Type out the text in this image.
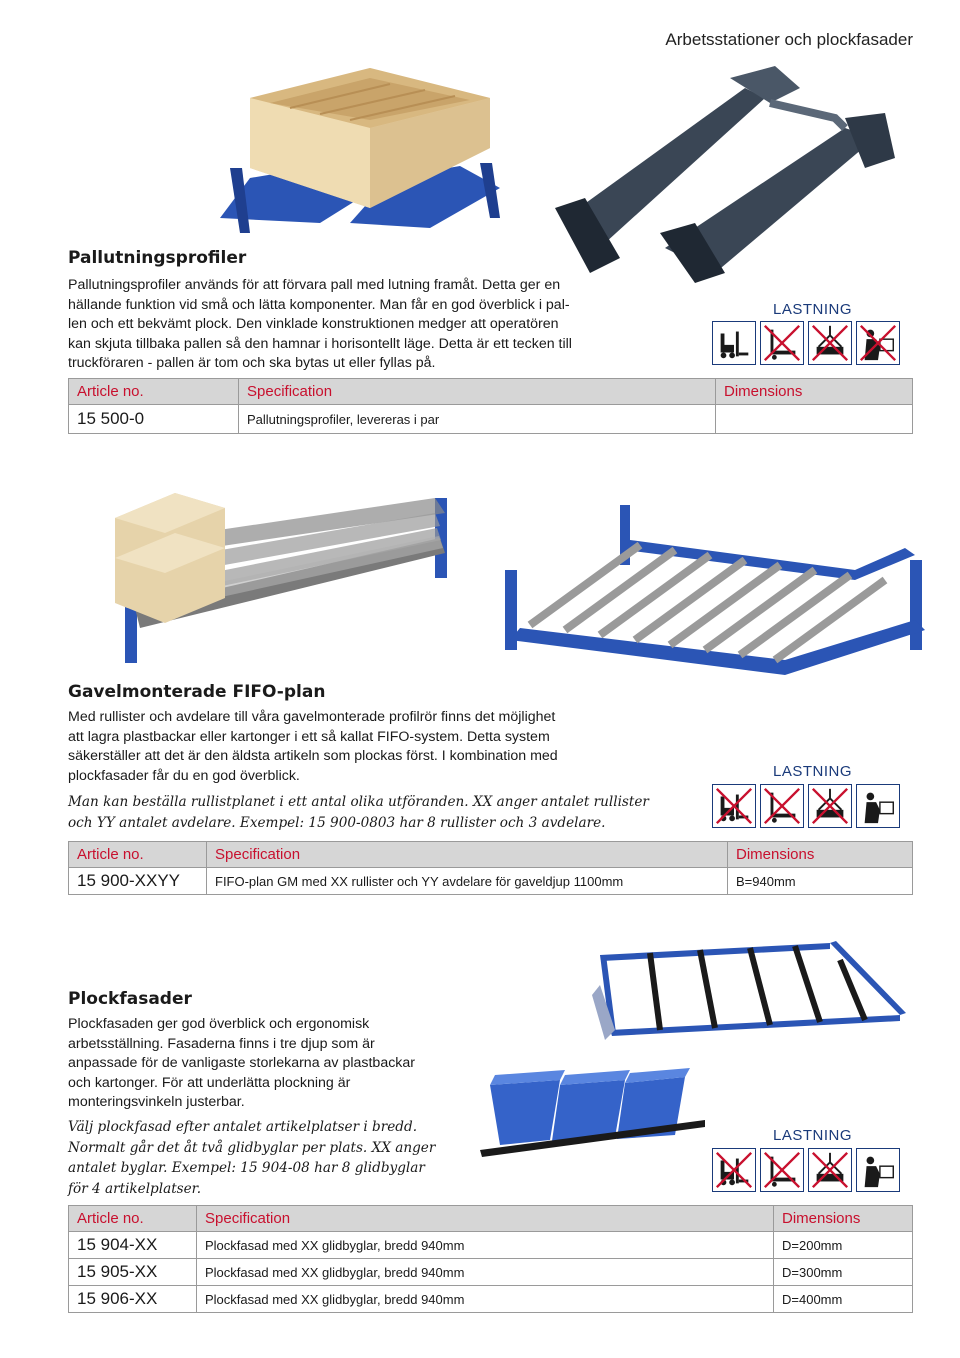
Arbetsstationer och plockfasader
Pallutningsprofiler
Pallutningsprofiler används för att förvara pall med lutning framåt. Detta ger en
hällande funktion vid små och lätta komponenter. Man får en god överblick i pal-
len och ett bekvämt plock. Den vinklade konstruktionen medger att operatören
kan skjuta tillbaka pallen så den hamnar i horisontellt läge. Detta är ett tecken till
truckföraren - pallen är tom och ska bytas ut eller fyllas på.
LASTNING
Article no.	Specification	Dimensions
15 500-0	Pallutningsprofiler, levereras i par	
Gavelmonterade FIFO-plan
Med rullister och avdelare till våra gavelmonterade profilrör finns det möjlighet
att lagra plastbackar eller kartonger i ett så kallat FIFO-system. Detta system
säkerställer att det är den äldsta artikeln som plockas först. I kombination med
plockfasader får du en god överblick.
Man kan beställa rullistplanet i ett antal olika utföranden. XX anger antalet rullister
och YY antalet avdelare. Exempel: 15 900-0803 har 8 rullister och 3 avdelare.
LASTNING
Article no.	Specification	Dimensions
15 900-XXYY	FIFO-plan GM med XX rullister och YY avdelare för gaveldjup 1100mm	B=940mm
Plockfasader
Plockfasaden ger god överblick och ergonomisk
arbetsställning. Fasaderna finns i tre djup som är
anpassade för de vanligaste storlekarna av plastbackar
och kartonger. För att underlätta plockning är
monteringsvinkeln justerbar.
Välj plockfasad efter antalet artikelplatser i bredd.
Normalt går det åt två glidbyglar per plats. XX anger
antalet byglar. Exempel: 15 904-08 har 8 glidbyglar
för 4 artikelplatser.
LASTNING
Article no.	Specification	Dimensions
15 904-XX	Plockfasad med XX glidbyglar, bredd 940mm	D=200mm
15 905-XX	Plockfasad med XX glidbyglar, bredd 940mm	D=300mm
15 906-XX	Plockfasad med XX glidbyglar, bredd 940mm	D=400mm
